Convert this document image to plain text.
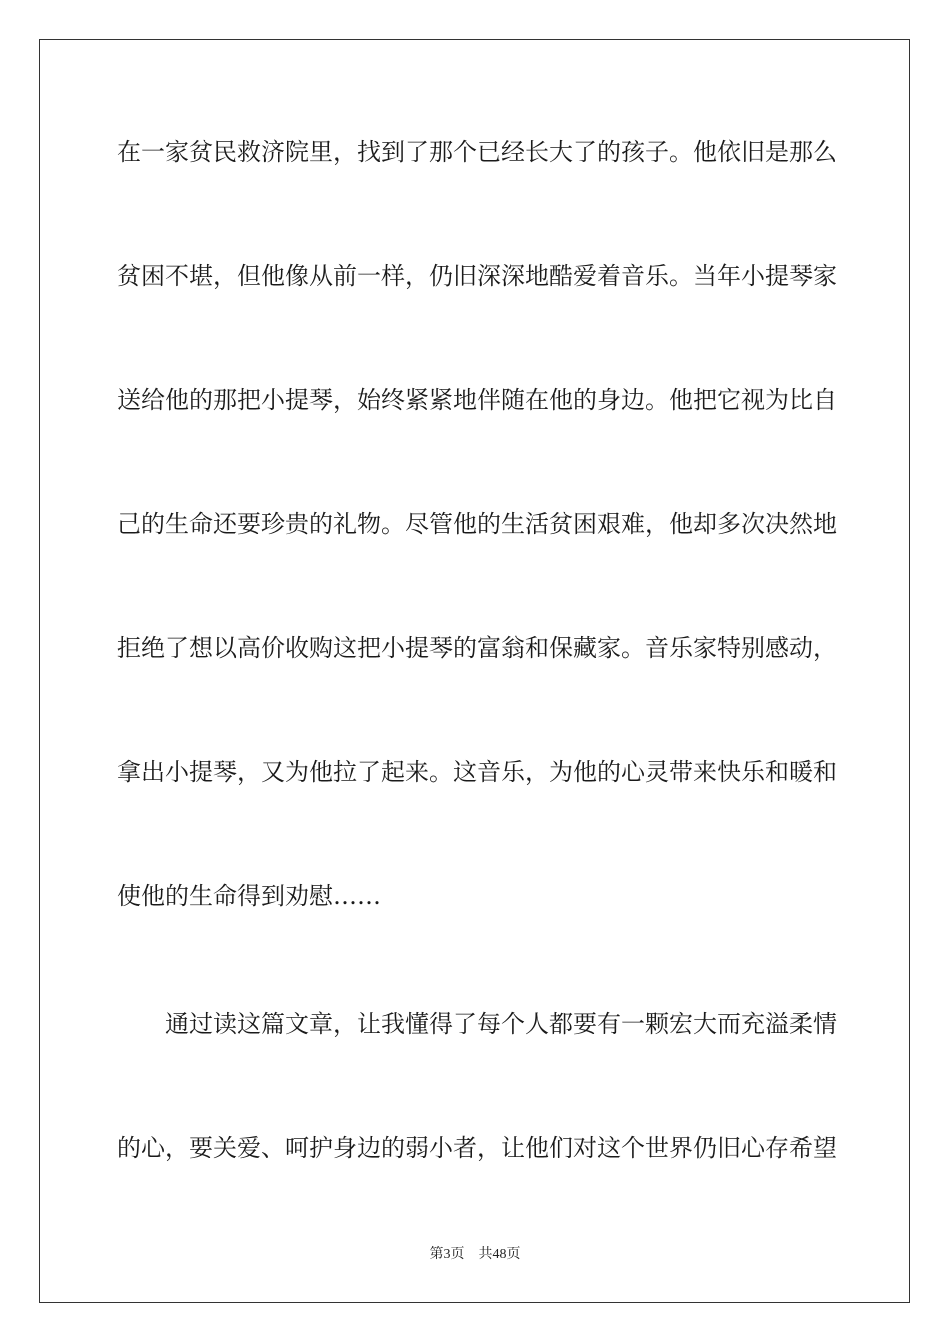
在一家贫民救济院里，找到了那个已经长大了的孩子。他依旧是那么
贫困不堪，但他像从前一样，仍旧深深地酷爱着音乐。当年小提琴家
送给他的那把小提琴，始终紧紧地伴随在他的身边。他把它视为比自
己的生命还要珍贵的礼物。尽管他的生活贫困艰难，他却多次决然地
拒绝了想以高价收购这把小提琴的富翁和保藏家。音乐家特别感动，
拿出小提琴，又为他拉了起来。这音乐，为他的心灵带来快乐和暖和
使他的生命得到劝慰……
通过读这篇文章，让我懂得了每个人都要有一颗宏大而充溢柔情
的心，要关爱、呵护身边的弱小者，让他们对这个世界仍旧心存希望
第3页 共48页
